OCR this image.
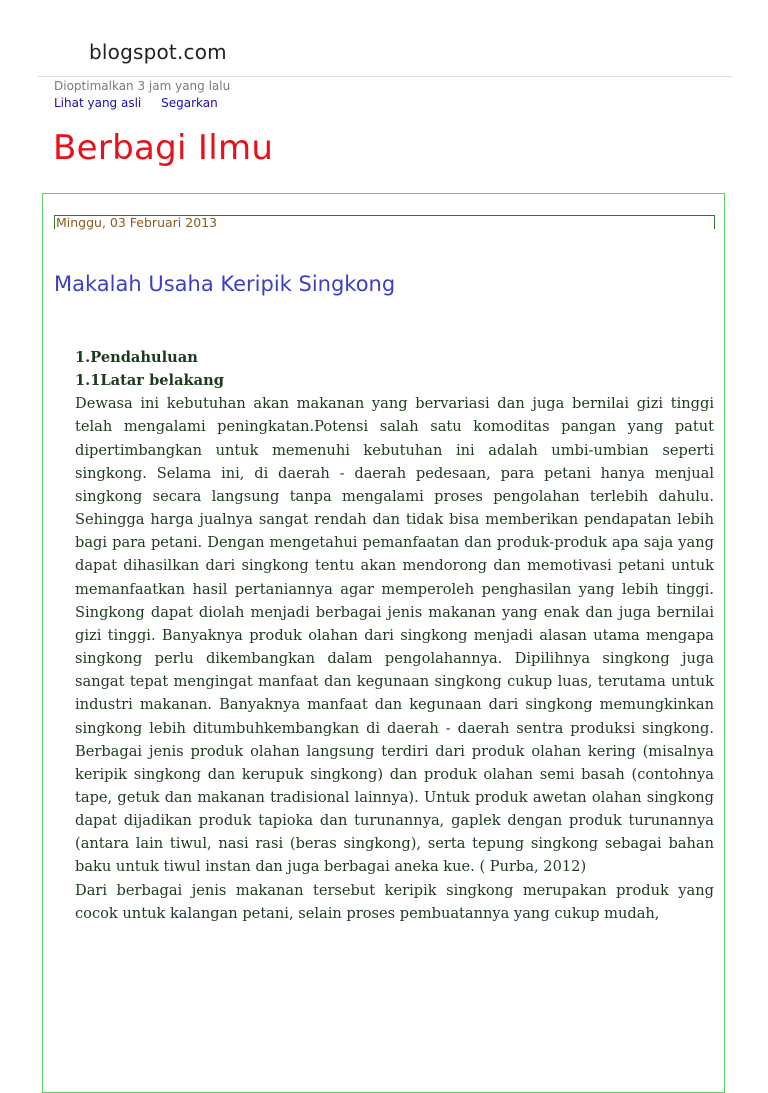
blogspot.com
Dioptimalkan 3 jam yang lalu
Lihat yang asli Segarkan
Berbagi Ilmu
Minggu, 03 Februari 2013
Makalah Usaha Keripik Singkong

1.Pendahuluan

1.1Latar belakang

Dewasa ini kebutuhan akan makanan yang bervariasi dan juga bernilai gizi tinggi telah mengalami peningkatan.Potensi salah satu komoditas pangan yang patut dipertimbangkan untuk memenuhi kebutuhan ini adalah umbi-umbian seperti singkong. Selama ini, di daerah - daerah pedesaan, para petani hanya menjual singkong secara langsung tanpa mengalami proses pengolahan terlebih dahulu. Sehingga harga jualnya sangat rendah dan tidak bisa memberikan pendapatan lebih bagi para petani. Dengan mengetahui pemanfaatan dan produk-produk apa saja yang dapat dihasilkan dari singkong tentu akan mendorong dan memotivasi petani untuk memanfaatkan hasil pertaniannya agar memperoleh penghasilan yang lebih tinggi. Singkong dapat diolah menjadi berbagai jenis makanan yang enak dan juga bernilai gizi tinggi. Banyaknya produk olahan dari singkong menjadi alasan utama mengapa singkong perlu dikembangkan dalam pengolahannya. Dipilihnya singkong juga sangat tepat mengingat manfaat dan kegunaan singkong cukup luas, terutama untuk industri makanan. Banyaknya manfaat dan kegunaan dari singkong memungkinkan singkong lebih ditumbuhkembangkan di daerah - daerah sentra produksi singkong. Berbagai jenis produk olahan langsung terdiri dari produk olahan kering (misalnya keripik singkong dan kerupuk singkong) dan produk olahan semi basah (contohnya tape, getuk dan makanan tradisional lainnya). Untuk produk awetan olahan singkong dapat dijadikan produk tapioka dan turunannya, gaplek dengan produk turunannya (antara lain tiwul, nasi rasi (beras singkong), serta tepung singkong sebagai bahan baku untuk tiwul instan dan juga berbagai aneka kue. ( Purba, 2012)

Dari berbagai jenis makanan tersebut keripik singkong merupakan produk yang cocok untuk kalangan petani, selain proses pembuatannya yang cukup mudah,
